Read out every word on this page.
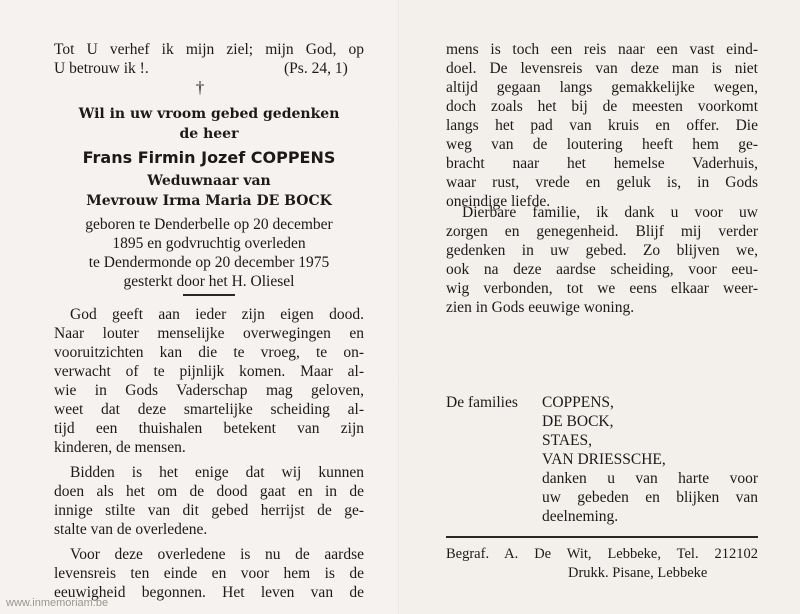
Tot U verhef ik mijn ziel; mijn God, op
U betrouw ik !.	(Ps. 24, 1)
†
Wil in uw vroom gebed gedenken
de heer
Frans Firmin Jozef COPPENS
Weduwnaar van
Mevrouw Irma Maria DE BOCK
geboren te Denderbelle op 20 december
1895 en godvruchtig overleden
te Dendermonde op 20 december 1975
gesterkt door het H. Oliesel
God geeft aan ieder zijn eigen dood.
Naar louter menselijke overwegingen en
vooruitzichten kan die te vroeg, te on-
verwacht of te pijnlijk komen. Maar al-
wie in Gods Vaderschap mag geloven,
weet dat deze smartelijke scheiding al-
tijd een thuishalen betekent van zijn
kinderen, de mensen.
Bidden is het enige dat wij kunnen
doen als het om de dood gaat en in de
innige stilte van dit gebed herrijst de ge-
stalte van de overledene.
Voor deze overledene is nu de aardse
levensreis ten einde en voor hem is de
eeuwigheid begonnen. Het leven van de
www.inmemoriam.be
mens is toch een reis naar een vast eind-
doel. De levensreis van deze man is niet
altijd gegaan langs gemakkelijke wegen,
doch zoals het bij de meesten voorkomt
langs het pad van kruis en offer. Die
weg van de loutering heeft hem ge-
bracht naar het hemelse Vaderhuis,
waar rust, vrede en geluk is, in Gods
oneindige liefde.
Dierbare familie, ik dank u voor uw
zorgen en genegenheid. Blijf mij verder
gedenken in uw gebed. Zo blijven we,
ook na deze aardse scheiding, voor eeu-
wig verbonden, tot we eens elkaar weer-
zien in Gods eeuwige woning.
De families COPPENS,
DE BOCK,
STAES,
VAN DRIESSCHE,
danken u van harte voor
uw gebeden en blijken van
deelneming.
Begraf. A. De Wit, Lebbeke, Tel. 212102
Drukk. Pisane, Lebbeke
